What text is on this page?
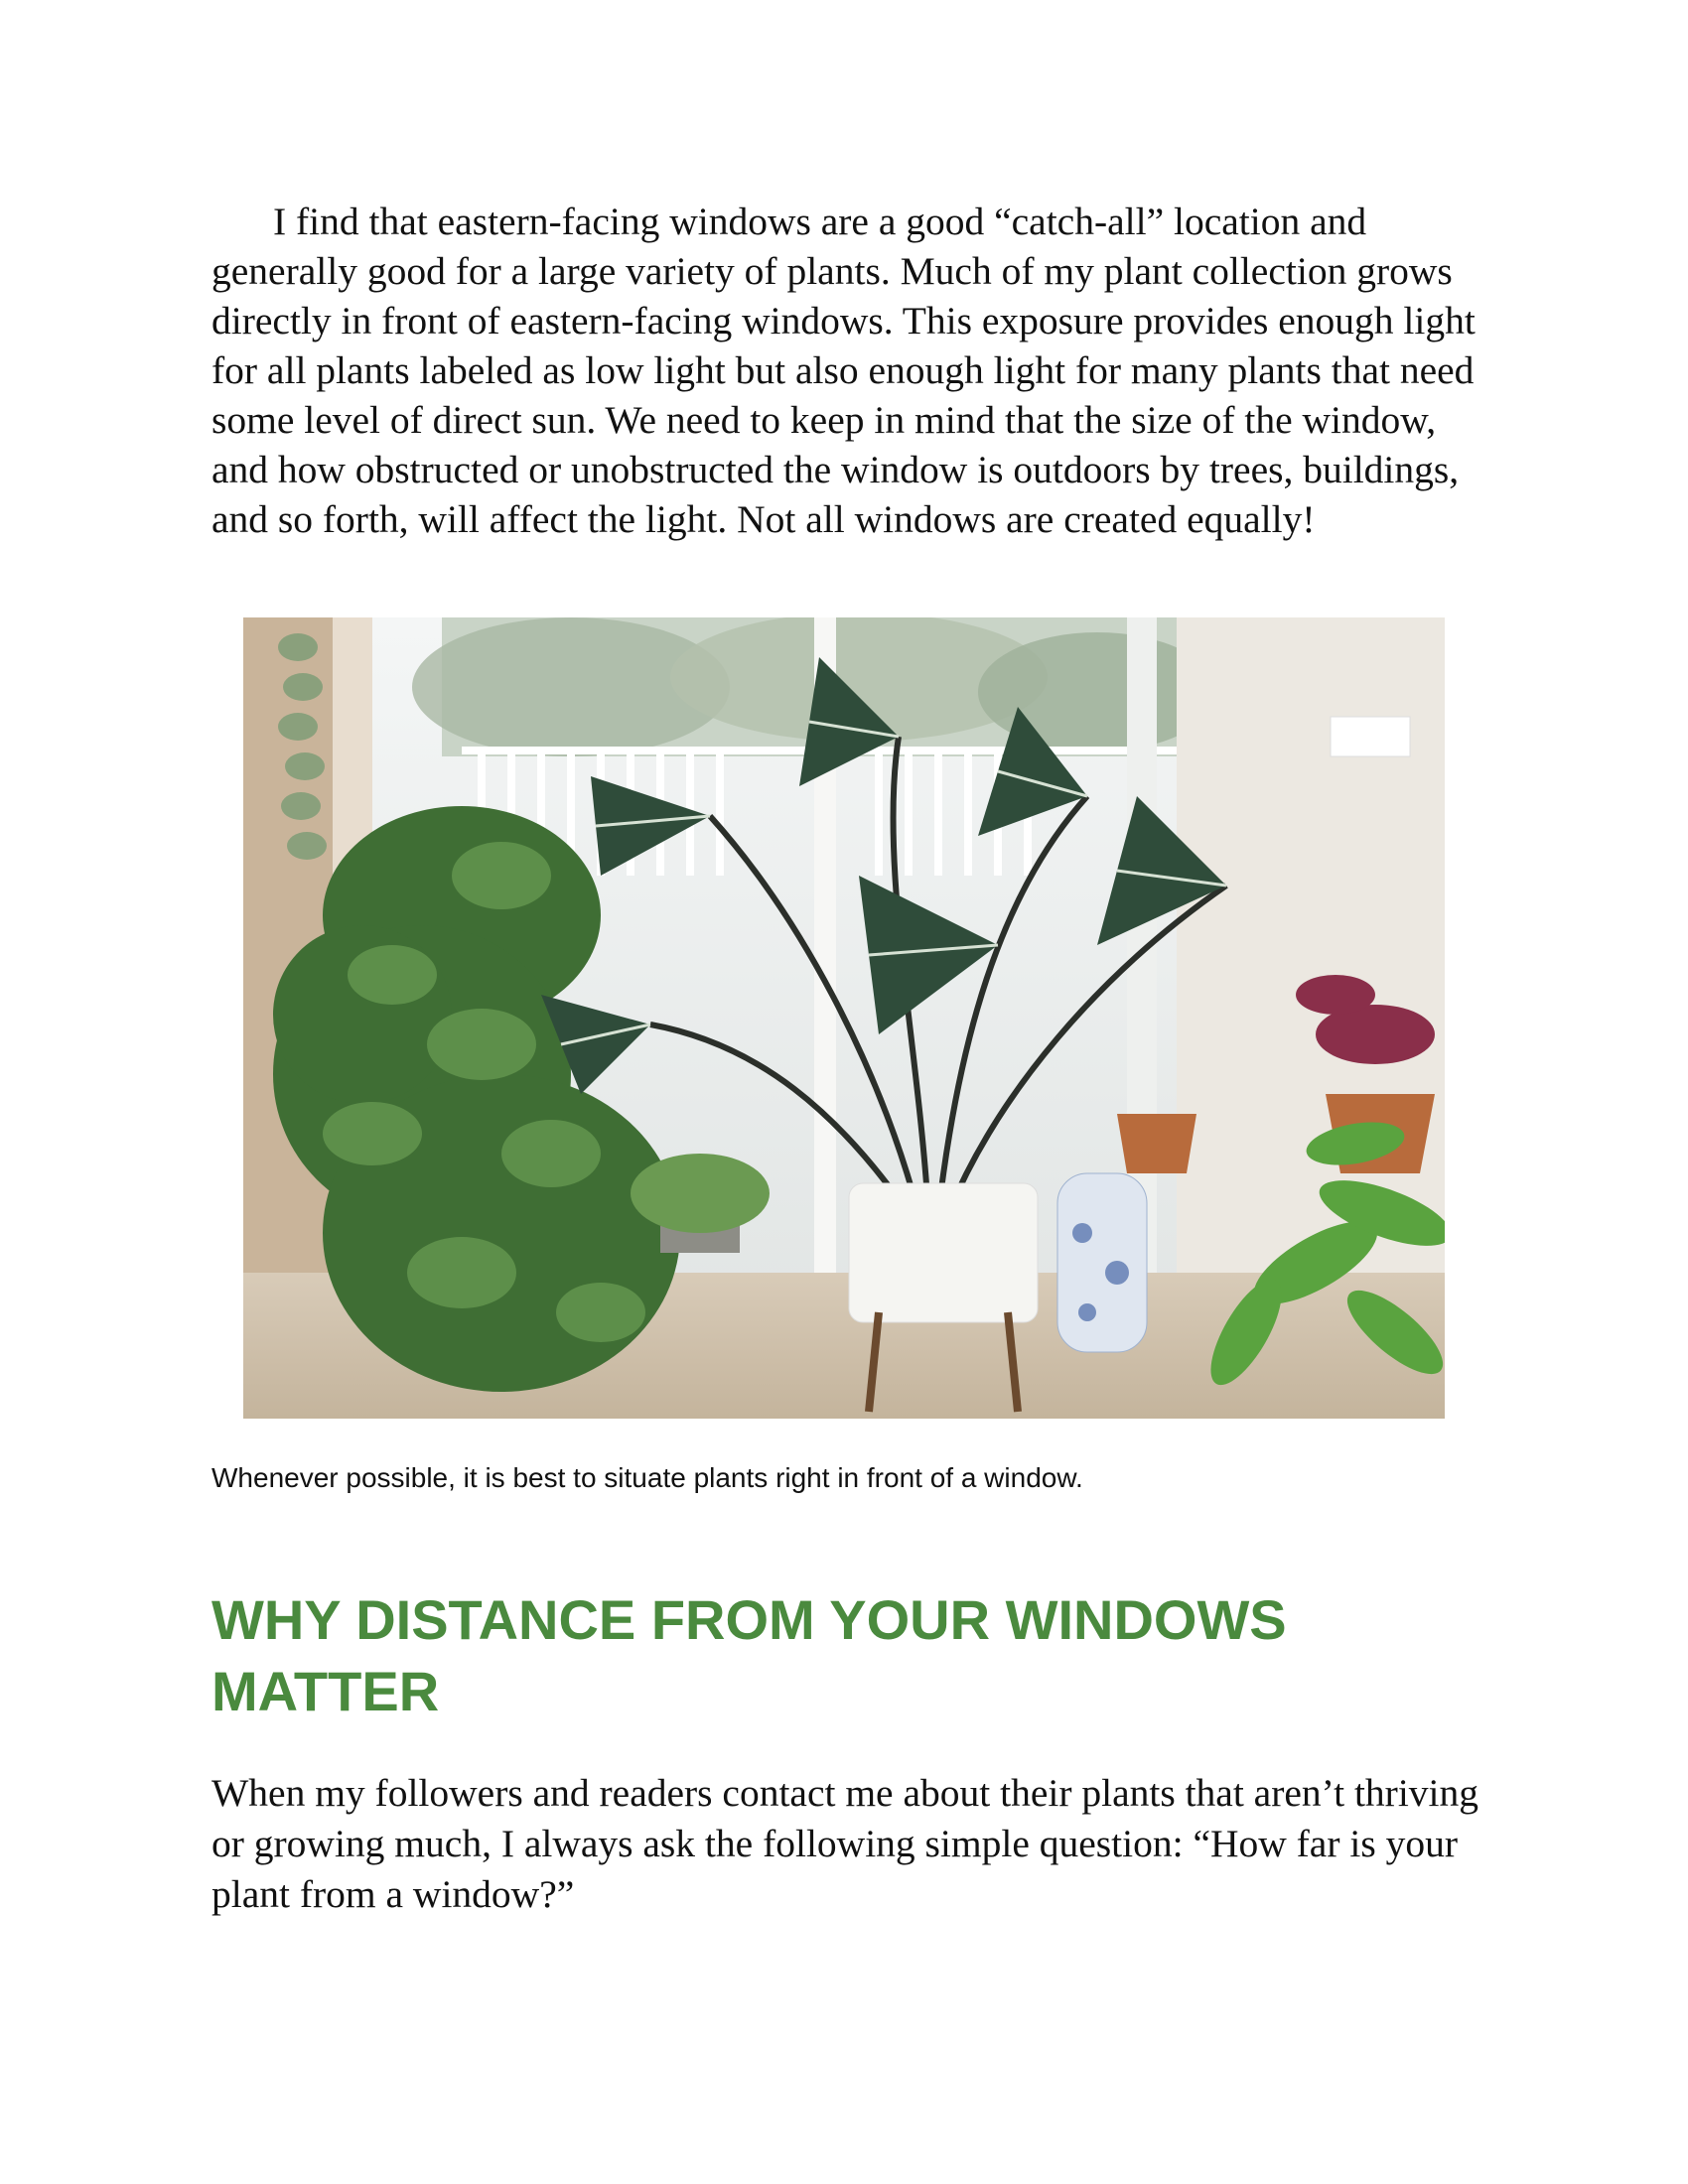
I find that eastern-facing windows are a good “catch-all” location and generally good for a large variety of plants. Much of my plant collection grows directly in front of eastern-facing windows. This exposure provides enough light for all plants labeled as low light but also enough light for many plants that need some level of direct sun. We need to keep in mind that the size of the window, and how obstructed or unobstructed the window is outdoors by trees, buildings, and so forth, will affect the light. Not all windows are created equally!

Whenever possible, it is best to situate plants right in front of a window.

WHY DISTANCE FROM YOUR WINDOWS MATTER

When my followers and readers contact me about their plants that aren’t thriving or growing much, I always ask the following simple question: “How far is your plant from a window?”
